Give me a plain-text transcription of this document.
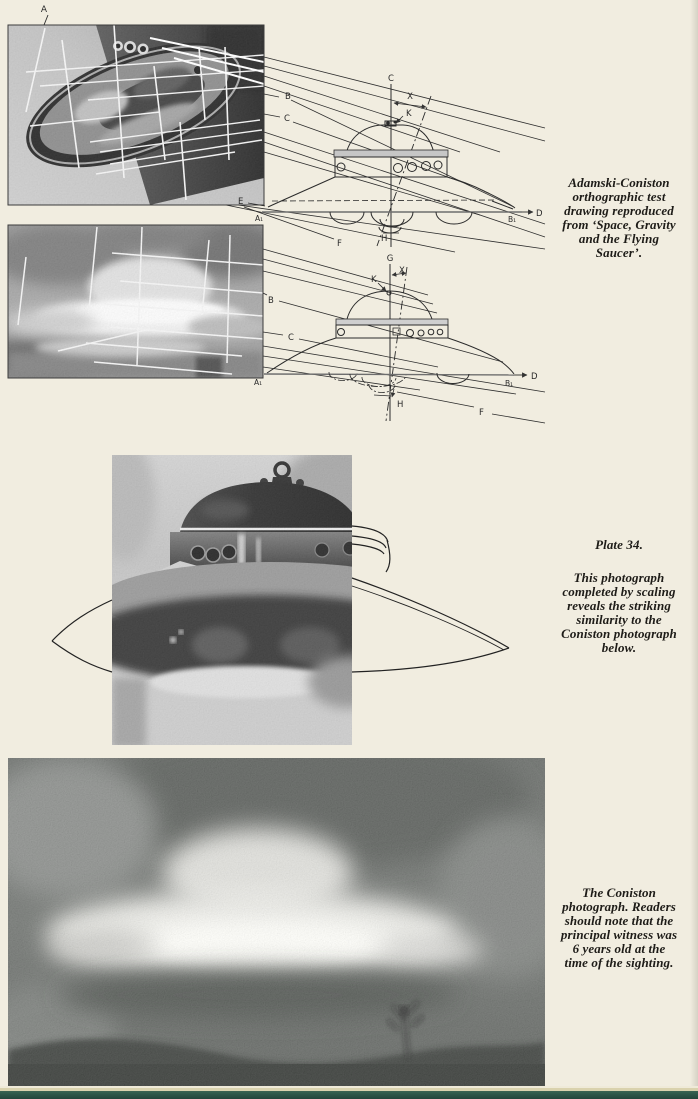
A
B
C
C
X
K
E
A₁	B₁
D
F	H
G
X
K
B
C
A₁	B₁
D
F
H
Adamski-Coniston
orthographic test
drawing reproduced
from ‘Space, Gravity
and the Flying
Saucer’.
Plate 34.
This photograph
completed by scaling
reveals the striking
similarity to the
Coniston photograph
below.
The Coniston
photograph. Readers
should note that the
principal witness was
6 years old at the
time of the sighting.
